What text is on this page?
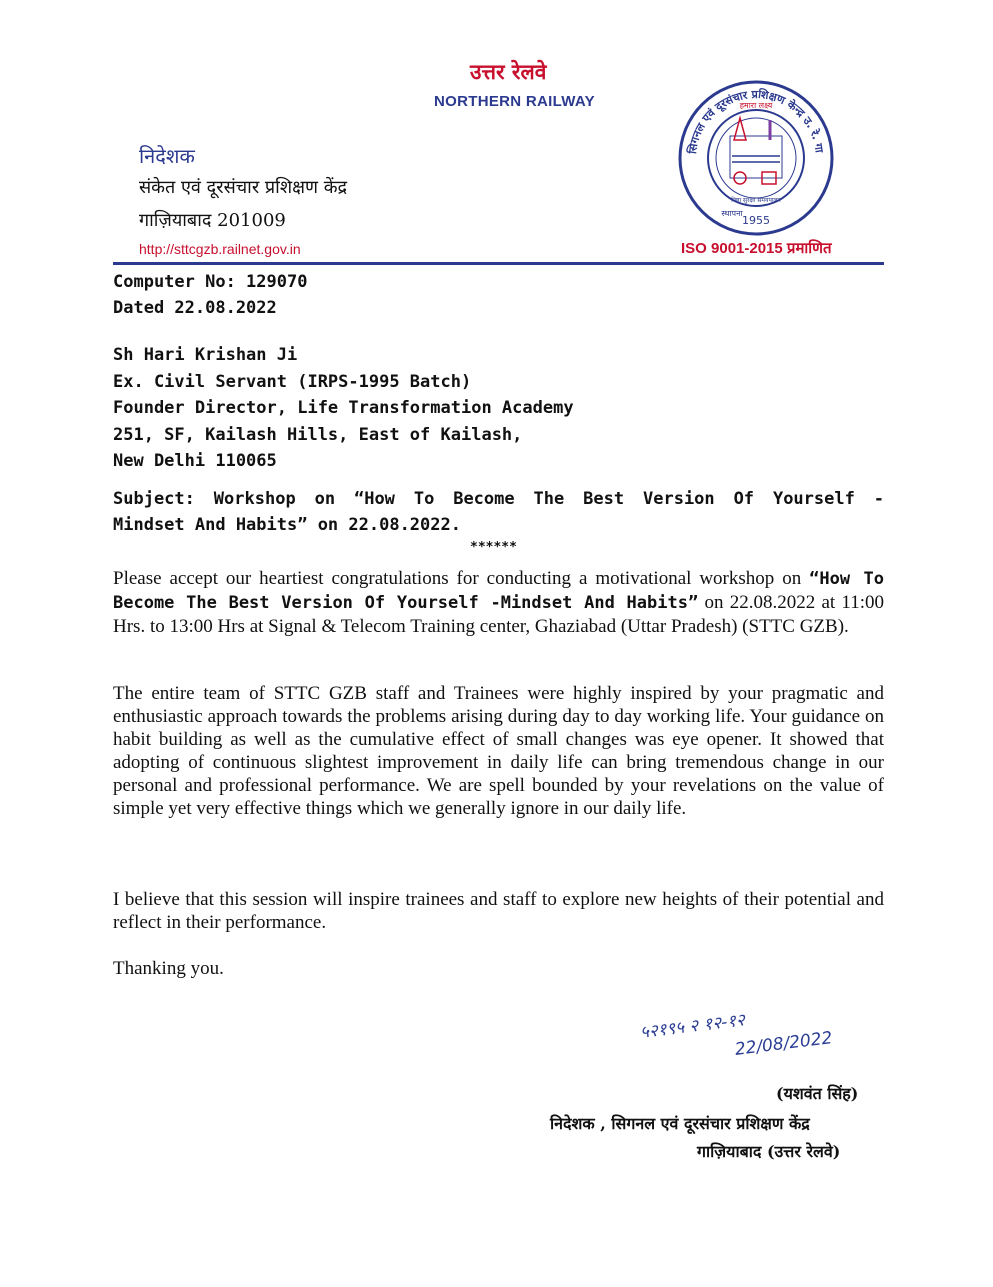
उत्तर रेलवे
NORTHERN RAILWAY
निदेशक
संकेत एवं दूरसंचार प्रशिक्षण केंद्र
गाज़ियाबाद 201009
http://sttcgzb.railnet.gov.in
1955
हमारा लक्ष्य
निष्ठा सुरक्षा समयपालन
स्थापना
सिगनल एवं दूरसंचार प्रशिक्षण केन्द्र उ. रे. गा
ISO 9001-2015 प्रमाणित
Computer No: 129070
Dated 22.08.2022
Sh Hari Krishan Ji
Ex. Civil Servant (IRPS-1995 Batch)
Founder Director, Life Transformation Academy
251, SF, Kailash Hills, East of Kailash,
New Delhi 110065
Subject: Workshop on “How To Become The Best Version Of Yourself -
Mindset And Habits” on 22.08.2022.
******
Please accept our heartiest congratulations for conducting a motivational workshop on “How To Become The Best Version Of Yourself -Mindset And Habits” on 22.08.2022 at 11:00 Hrs. to 13:00 Hrs at Signal & Telecom Training center, Ghaziabad (Uttar Pradesh) (STTC GZB).
The entire team of STTC GZB staff and Trainees were highly inspired by your pragmatic and enthusiastic approach towards the problems arising during day to day working life. Your guidance on habit building as well as the cumulative effect of small changes was eye opener. It showed that adopting of continuous slightest improvement in daily life can bring tremendous change in our personal and professional performance. We are spell bounded by your revelations on the value of simple yet very effective things which we generally ignore in our daily life.
I believe that this session will inspire trainees and staff to explore new heights of their potential and reflect in their performance.
Thanking you.
५२१९५ २ १२-१२
22/08/2022
(यशवंत सिंह)
निदेशक , सिगनल एवं दूरसंचार प्रशिक्षण केंद्र
गाज़ियाबाद (उत्तर रेलवे)
